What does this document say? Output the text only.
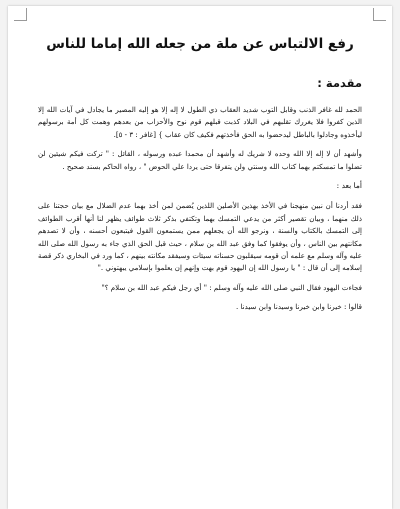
رفع الالتباس عن ملة من جعله الله إماما للناس
مقدمة :

الحمد لله غافر الذنب وقابل التوب شديد العقاب ذي الطول لا إله إلا هو إليه المصير ما يجادل في آيات الله إلا الذين كفروا فلا يغررك تقلبهم في البلاد كذبت قبلهم قوم نوح والأحزاب من بعدهم وهمت كل أمة برسولهم ليأخذوه وجادلوا بالباطل ليدحضوا به الحق فأخذتهم فكيف كان عقاب } [غافر : ٣ - ٥].

وأشهد أن لا إله إلا الله وحده لا شريك له وأشهد أن محمدا عبده ورسوله ، القائل : " تركت فيكم شيئين لن تضلوا ما تمسكتم بهما كتاب الله وسنتي ولن يتفرقا حتى يردا علي الحوض " ، رواه الحاكم بسند صحيح .

أما بعد :

فقد أردنا أن نبين منهجنا في الأخذ بهذين الأصلين اللذين يُضمن لمن أخذ بهما عدم الضلال مع بيان حجتنا على ذلك منهما ، وبيان تقصير أكثر من يدعي التمسك بهما وتكتفي بذكر ثلاث طوائف يظهر لنا أنها أقرب الطوائف إلى التمسك بالكتاب والسنة ، ونرجو الله أن يجعلهم ممن يستمعون القول فيتبعون أحسنه ، وأن لا تصدهم مكانتهم بين الناس ، وأن يوفقوا كما وفق عبد الله بن سلام ، حيث قبل الحق الذي جاء به رسول الله صلى الله عليه وآله وسلم مع علمه أن قومه سيقلبون حسناته سيئات وسيفقد مكانته بينهم ، كما ورد في البخاري ذكر قصة إسلامه إلى أن قال : " يا رسول الله إن اليهود قوم بهت وإنهم إن يعلموا بإسلامي يبهتوني ."

فجاءت اليهود فقال النبي صلى الله عليه وآله وسلم : " أي رجل فيكم عبد الله بن سلام ؟"

قالوا : خيرنا وابن خيرنا وسيدنا وابن سيدنا .
